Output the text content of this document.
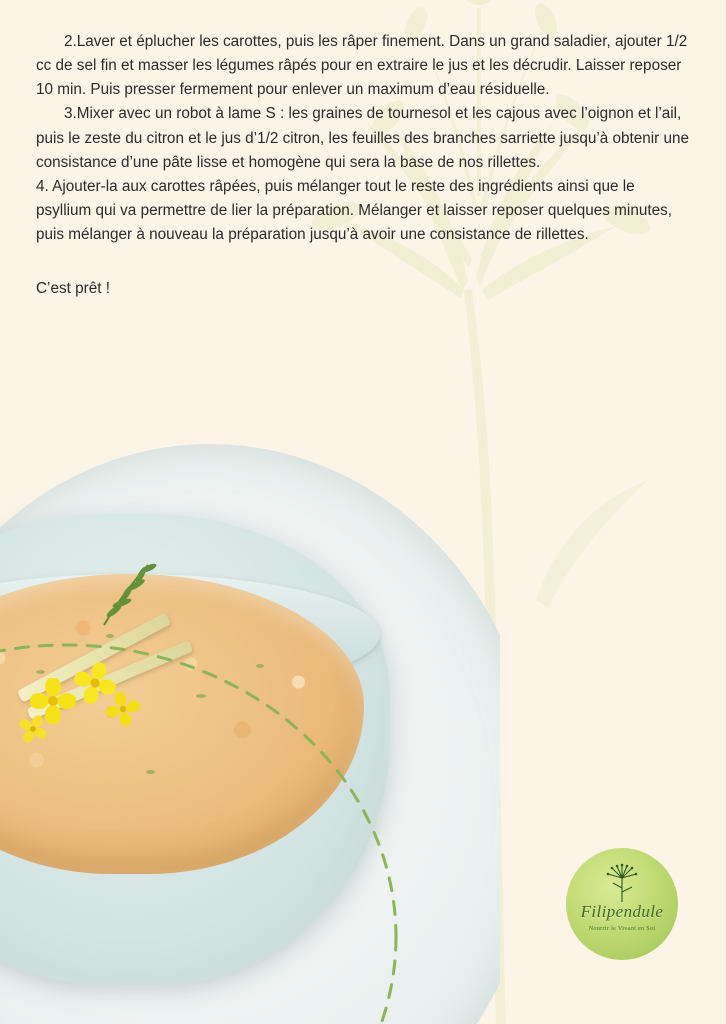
2.Laver et éplucher les carottes, puis les râper finement. Dans un grand saladier, ajouter 1/2 cc de sel fin et masser les légumes râpés pour en extraire le jus et les décrudir. Laisser reposer 10 min. Puis presser fermement pour enlever un maximum d’eau résiduelle.

3.Mixer avec un robot à lame S : les graines de tournesol et les cajous avec l’oignon et l’ail, puis le zeste du citron et le jus d’1/2 citron, les feuilles des branches sarriette jusqu’à obtenir une consistance d’une pâte lisse et homogène qui sera la base de nos rillettes.

4. Ajouter-la aux carottes râpées, puis mélanger tout le reste des ingrédients ainsi que le psyllium qui va permettre de lier la préparation. Mélanger et laisser reposer quelques minutes, puis mélanger à nouveau la préparation jusqu’à avoir une consistance de rillettes.

C’est prêt !

Filipendule
Nourrir le Vivant en Soi
